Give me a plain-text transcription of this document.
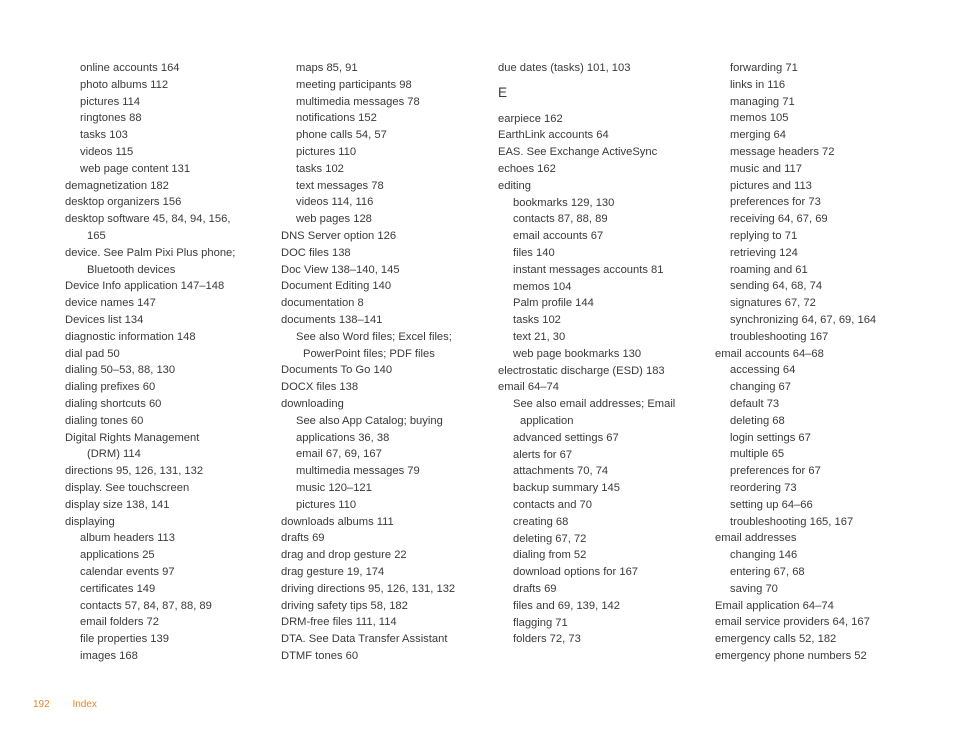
online accounts 164
photo albums 112
pictures 114
ringtones 88
tasks 103
videos 115
web page content 131
demagnetization 182
desktop organizers 156
desktop software 45, 84, 94, 156,
165
device. See Palm Pixi Plus phone;
Bluetooth devices
Device Info application 147–148
device names 147
Devices list 134
diagnostic information 148
dial pad 50
dialing 50–53, 88, 130
dialing prefixes 60
dialing shortcuts 60
dialing tones 60
Digital Rights Management
(DRM) 114
directions 95, 126, 131, 132
display. See touchscreen
display size 138, 141
displaying
album headers 113
applications 25
calendar events 97
certificates 149
contacts 57, 84, 87, 88, 89
email folders 72
file properties 139
images 168
maps 85, 91
meeting participants 98
multimedia messages 78
notifications 152
phone calls 54, 57
pictures 110
tasks 102
text messages 78
videos 114, 116
web pages 128
DNS Server option 126
DOC files 138
Doc View 138–140, 145
Document Editing 140
documentation 8
documents 138–141
See also Word files; Excel files;
PowerPoint files; PDF files
Documents To Go 140
DOCX files 138
downloading
See also App Catalog; buying
applications 36, 38
email 67, 69, 167
multimedia messages 79
music 120–121
pictures 110
downloads albums 111
drafts 69
drag and drop gesture 22
drag gesture 19, 174
driving directions 95, 126, 131, 132
driving safety tips 58, 182
DRM-free files 111, 114
DTA. See Data Transfer Assistant
DTMF tones 60
due dates (tasks) 101, 103
E
earpiece 162
EarthLink accounts 64
EAS. See Exchange ActiveSync
echoes 162
editing
bookmarks 129, 130
contacts 87, 88, 89
email accounts 67
files 140
instant messages accounts 81
memos 104
Palm profile 144
tasks 102
text 21, 30
web page bookmarks 130
electrostatic discharge (ESD) 183
email 64–74
See also email addresses; Email
application
advanced settings 67
alerts for 67
attachments 70, 74
backup summary 145
contacts and 70
creating 68
deleting 67, 72
dialing from 52
download options for 167
drafts 69
files and 69, 139, 142
flagging 71
folders 72, 73
forwarding 71
links in 116
managing 71
memos 105
merging 64
message headers 72
music and 117
pictures and 113
preferences for 73
receiving 64, 67, 69
replying to 71
retrieving 124
roaming and 61
sending 64, 68, 74
signatures 67, 72
synchronizing 64, 67, 69, 164
troubleshooting 167
email accounts 64–68
accessing 64
changing 67
default 73
deleting 68
login settings 67
multiple 65
preferences for 67
reordering 73
setting up 64–66
troubleshooting 165, 167
email addresses
changing 146
entering 67, 68
saving 70
Email application 64–74
email service providers 64, 167
emergency calls 52, 182
emergency phone numbers 52
192 Index
